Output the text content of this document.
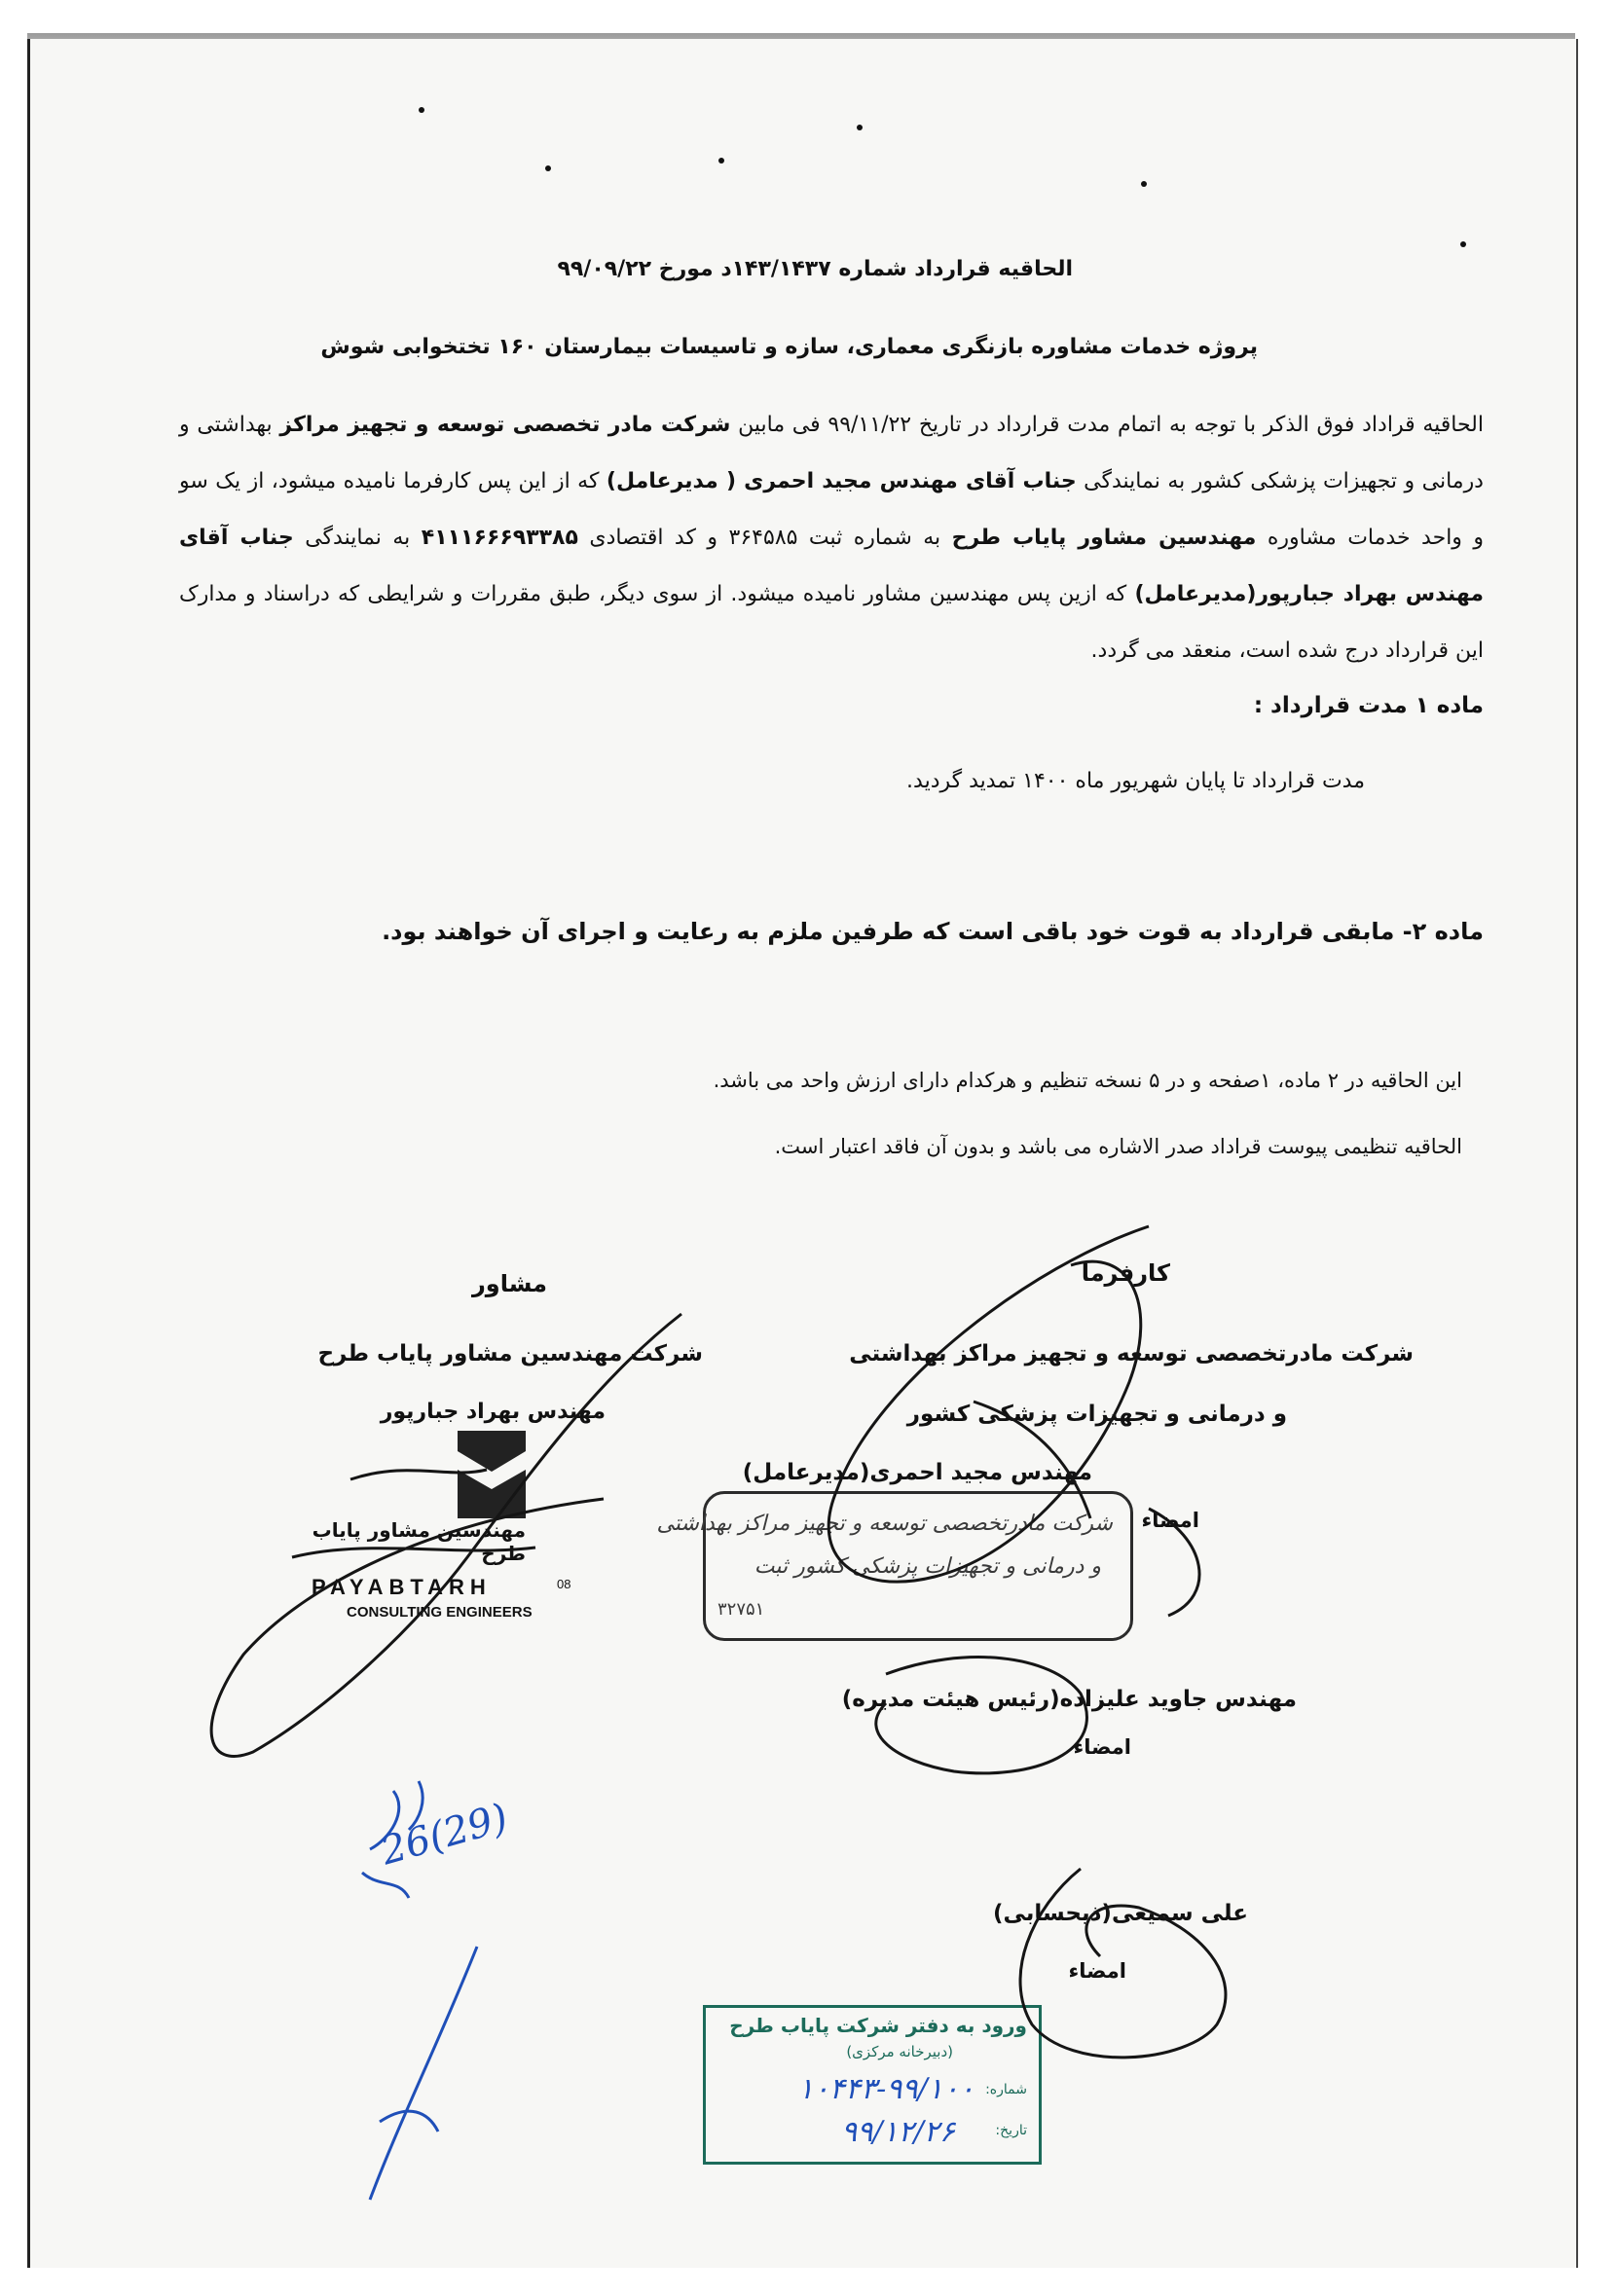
الحاقیه قرارداد شماره ۱۴۳/۱۴۳۷د مورخ ۹۹/۰۹/۲۲
پروژه خدمات مشاوره بازنگری معماری، سازه و تاسیسات بیمارستان ۱۶۰ تختخوابی شوش
الحاقیه قراداد فوق الذکر با توجه به اتمام مدت قرارداد در تاریخ ۹۹/۱۱/۲۲ فی مابین شرکت مادر تخصصی توسعه و تجهیز مراکز بهداشتی و درمانی و تجهیزات پزشکی کشور به نمایندگی جناب آقای مهندس مجید احمری ( مدیرعامل) که از این پس کارفرما نامیده میشود، از یک سو و واحد خدمات مشاوره مهندسین مشاور پایاب طرح به شماره ثبت ۳۶۴۵۸۵ و کد اقتصادی ۴۱۱۱۶۶۶۹۳۳۸۵ به نمایندگی جناب آقای مهندس بهراد جبارپور(مدیرعامل) که ازین پس مهندسین مشاور نامیده میشود. از سوی دیگر، طبق مقررات و شرایطی که دراسناد و مدارک این قرارداد درج شده است، منعقد می گردد.
ماده ۱ مدت قرارداد :
مدت قرارداد تا پایان شهریور ماه ۱۴۰۰ تمدید گردید.
ماده ۲- مابقی قرارداد به قوت خود باقی است که طرفین ملزم به رعایت و اجرای آن خواهند بود.
این الحاقیه در ۲ ماده، ۱صفحه و در ۵ نسخه تنظیم و هرکدام دارای ارزش واحد می باشد.
الحاقیه تنظیمی پیوست قراداد صدر الاشاره می باشد و بدون آن فاقد اعتبار است.
مشاور
شرکت مهندسین مشاور پایاب طرح
مهندس بهراد جبارپور
کارفرما
شرکت مادرتخصصی توسعه و تجهیز مراکز بهداشتی
و درمانی و تجهیزات پزشکی کشور
مهندس مجید احمری(مدیرعامل)
امضاء
مهندس جاوید علیزاده(رئیس هیئت مدیره)
امضاء
علی سمیعی(ذیحسابی)
امضاء
شرکت مادرتخصصی توسعه و تجهیز مراکز بهداشتی
و درمانی و تجهیزات پزشکی کشور ثبت
۳۲۷۵۱
مهندسین مشاور پایاب طرح
PAYABTARH	08
CONSULTING ENGINEERS
ورود به دفتر شرکت پایاب طرح
(دبیرخانه مرکزی)
شماره:
۱۰۴۴۳-۹۹/۱۰۰
تاریخ:
۹۹/۱۲/۲۶
26(29)
